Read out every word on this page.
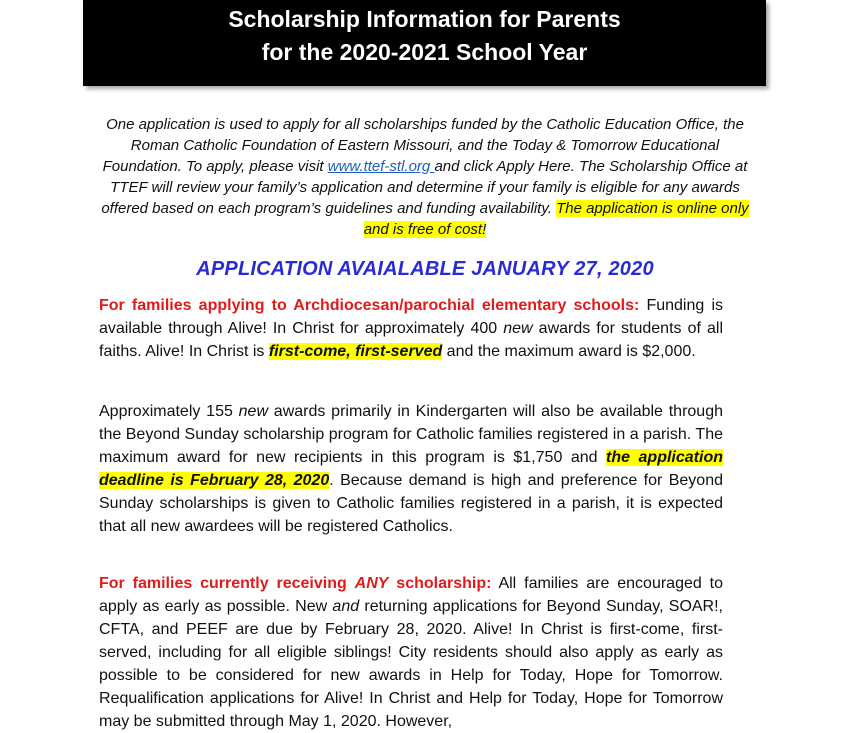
Scholarship Information for Parents
for the 2020-2021 School Year
One application is used to apply for all scholarships funded by the Catholic Education Office, the Roman Catholic Foundation of Eastern Missouri, and the Today & Tomorrow Educational Foundation. To apply, please visit www.ttef-stl.org and click Apply Here. The Scholarship Office at TTEF will review your family’s application and determine if your family is eligible for any awards offered based on each program’s guidelines and funding availability. The application is online only and is free of cost!
APPLICATION AVAIALABLE JANUARY 27, 2020
For families applying to Archdiocesan/parochial elementary schools: Funding is available through Alive! In Christ for approximately 400 new awards for students of all faiths. Alive! In Christ is first-come, first-served and the maximum award is $2,000.
Approximately 155 new awards primarily in Kindergarten will also be available through the Beyond Sunday scholarship program for Catholic families registered in a parish. The maximum award for new recipients in this program is $1,750 and the application deadline is February 28, 2020. Because demand is high and preference for Beyond Sunday scholarships is given to Catholic families registered in a parish, it is expected that all new awardees will be registered Catholics.
For families currently receiving ANY scholarship: All families are encouraged to apply as early as possible. New and returning applications for Beyond Sunday, SOAR!, CFTA, and PEEF are due by February 28, 2020. Alive! In Christ is first-come, first-served, including for all eligible siblings! City residents should also apply as early as possible to be considered for new awards in Help for Today, Hope for Tomorrow. Requalification applications for Alive! In Christ and Help for Today, Hope for Tomorrow may be submitted through May 1, 2020. However,
